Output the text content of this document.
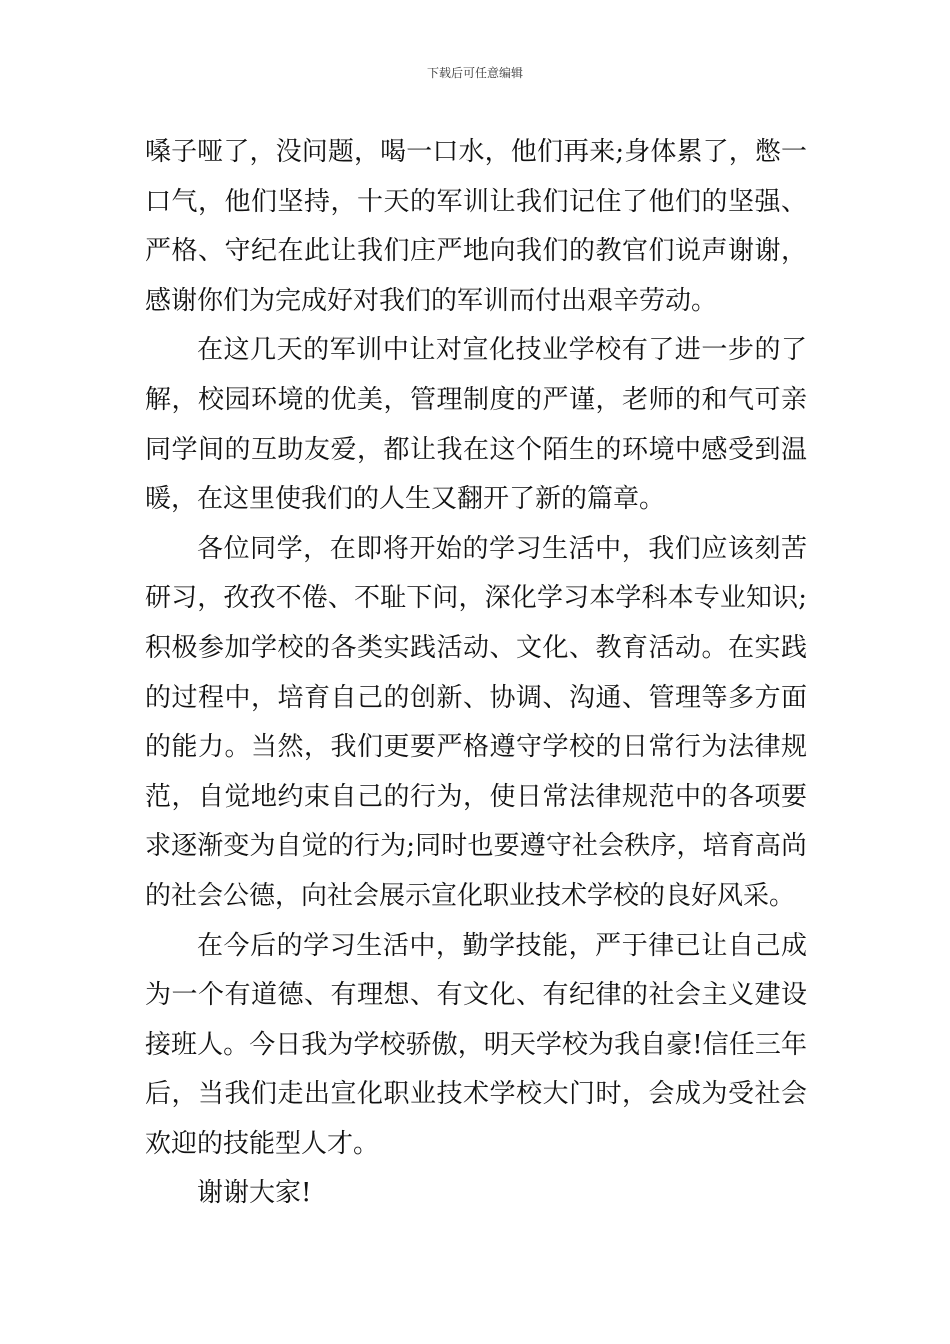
下载后可任意编辑

嗓子哑了，没问题，喝一口水，他们再来;身体累了，憋一口气，他们坚持，十天的军训让我们记住了他们的坚强、严格、守纪在此让我们庄严地向我们的教官们说声谢谢，感谢你们为完成好对我们的军训而付出艰辛劳动。

在这几天的军训中让对宣化技业学校有了进一步的了解，校园环境的优美，管理制度的严谨，老师的和气可亲同学间的互助友爱，都让我在这个陌生的环境中感受到温暖，在这里使我们的人生又翻开了新的篇章。

各位同学，在即将开始的学习生活中，我们应该刻苦研习，孜孜不倦、不耻下问，深化学习本学科本专业知识;积极参加学校的各类实践活动、文化、教育活动。在实践的过程中，培育自己的创新、协调、沟通、管理等多方面的能力。当然，我们更要严格遵守学校的日常行为法律规范，自觉地约束自己的行为，使日常法律规范中的各项要求逐渐变为自觉的行为;同时也要遵守社会秩序，培育高尚的社会公德，向社会展示宣化职业技术学校的良好风采。

在今后的学习生活中，勤学技能，严于律已让自己成为一个有道德、有理想、有文化、有纪律的社会主义建设接班人。今日我为学校骄傲，明天学校为我自豪!信任三年后，当我们走出宣化职业技术学校大门时，会成为受社会欢迎的技能型人才。

谢谢大家!
